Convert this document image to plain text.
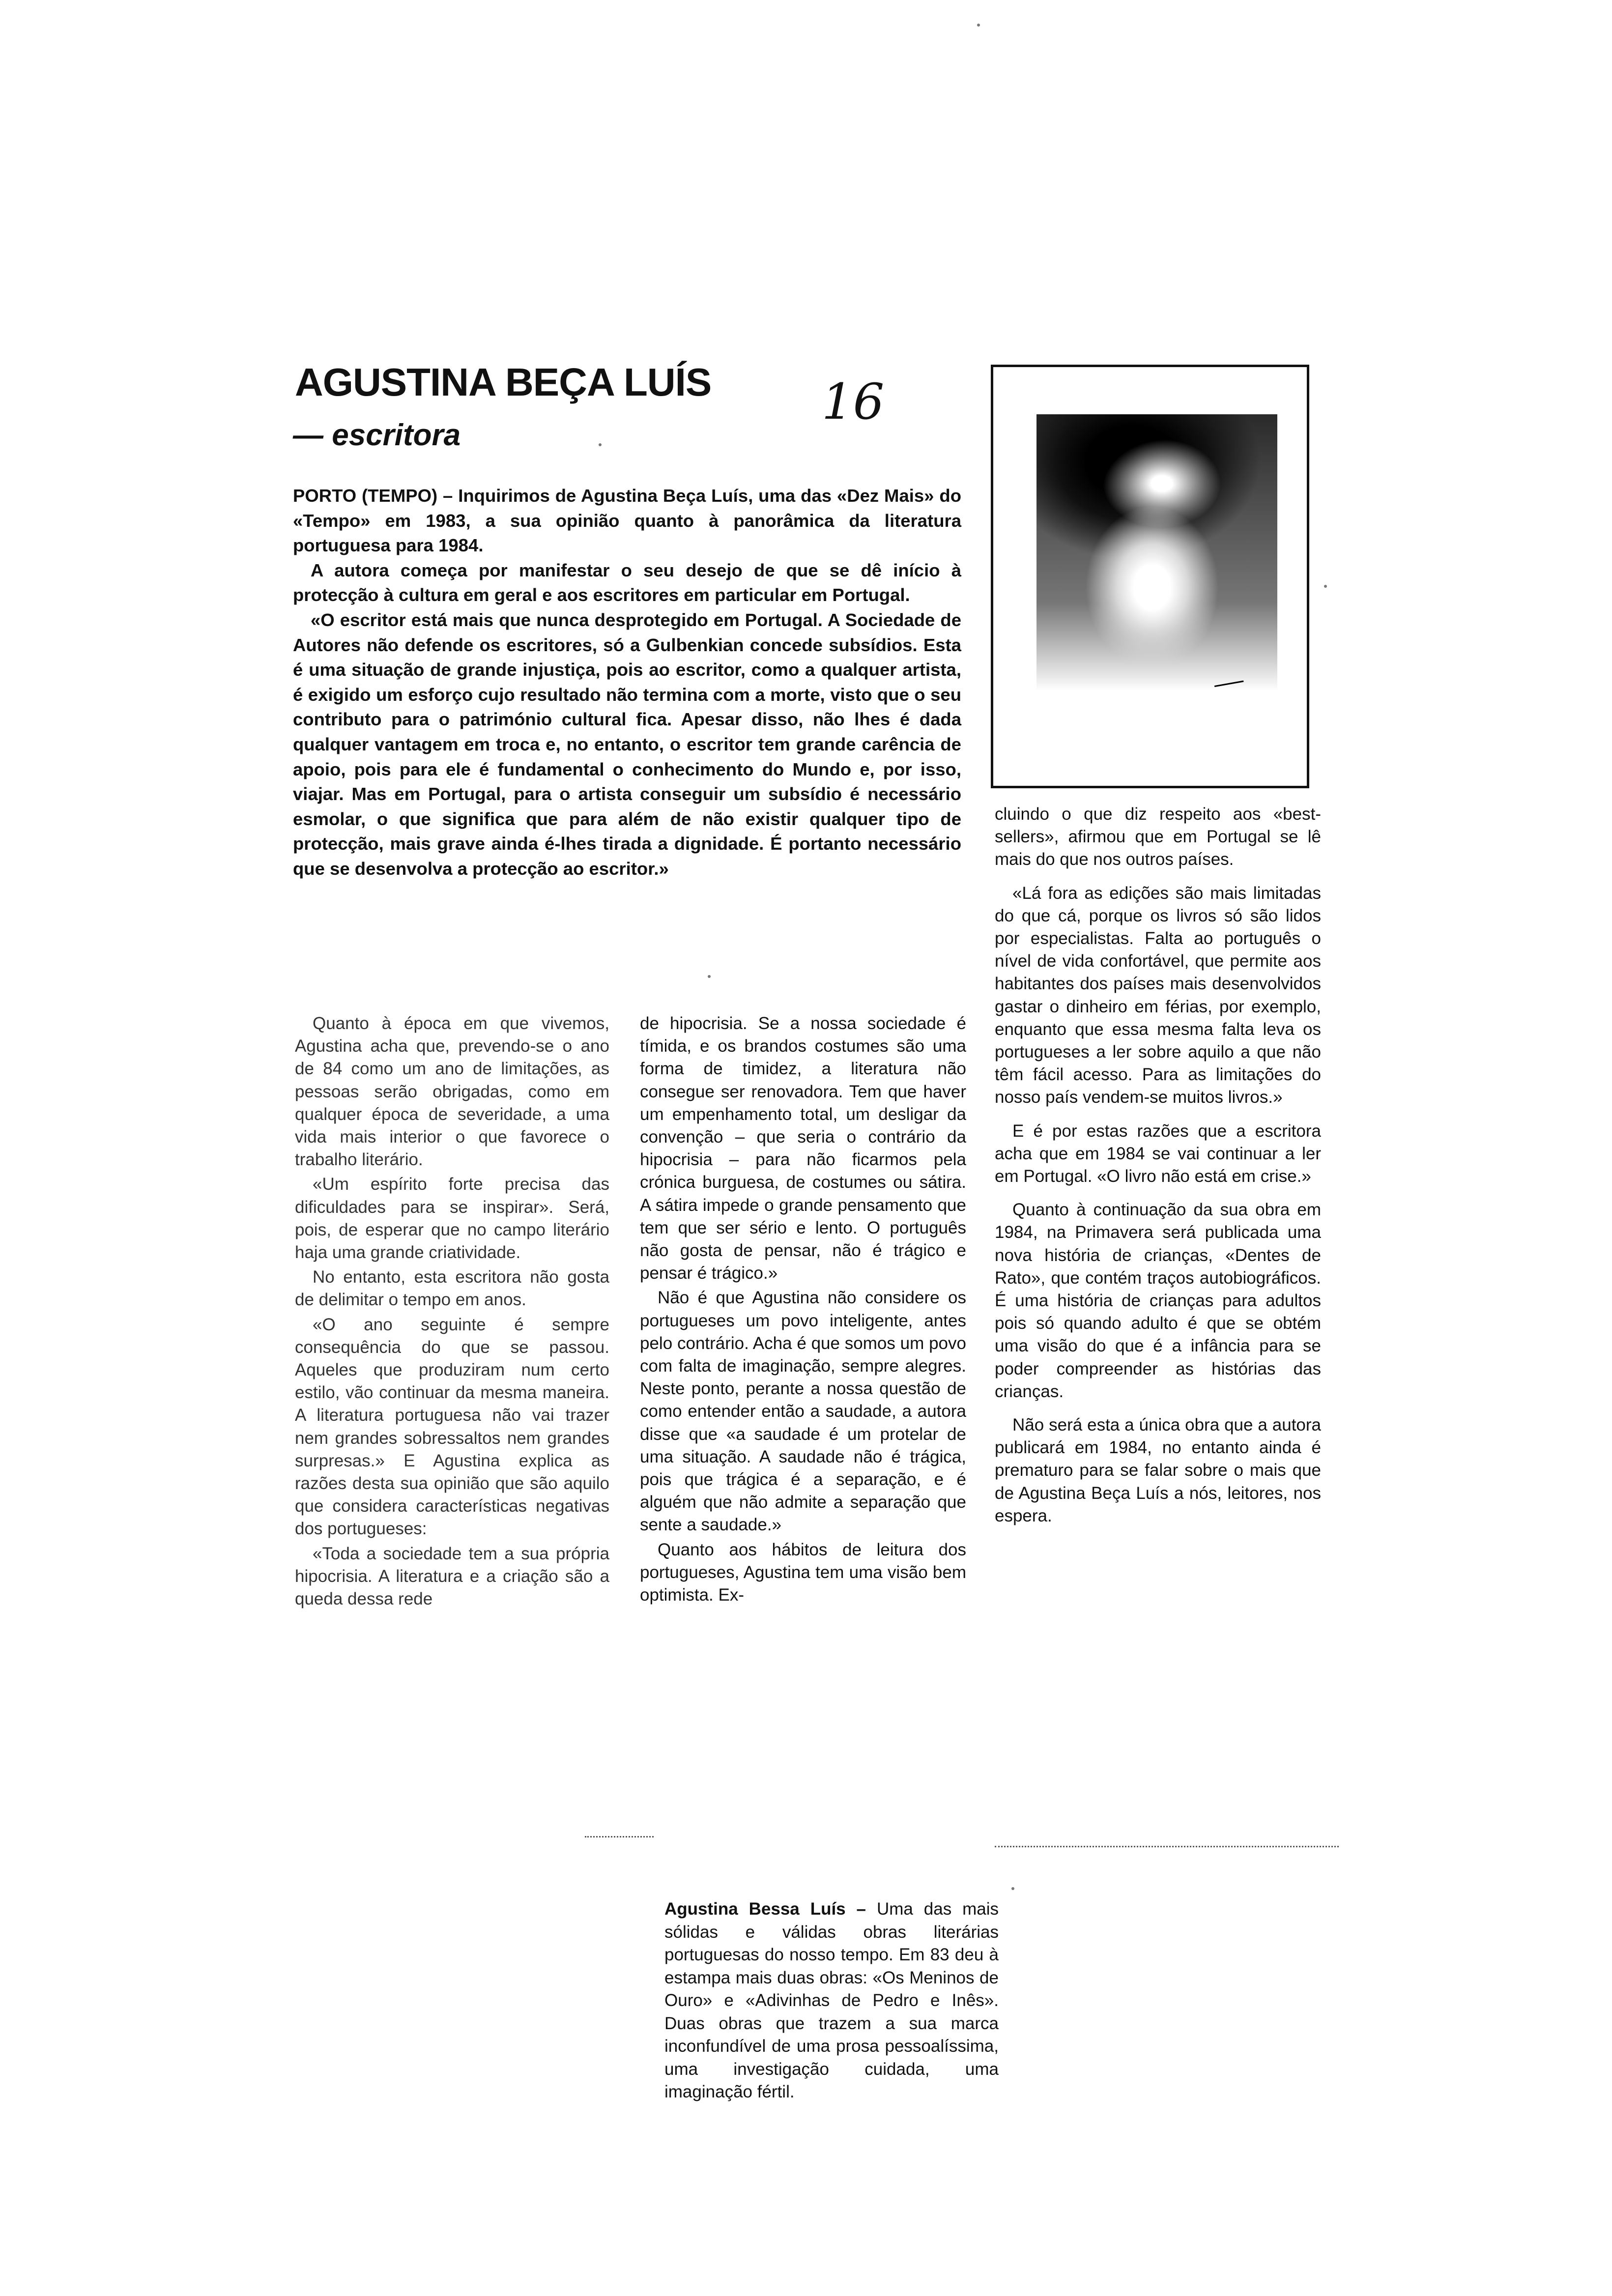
AGUSTINA BEÇA LUÍS
— escritora
16

PORTO (TEMPO) – Inquirimos de Agustina Beça Luís, uma das «Dez Mais» do «Tempo» em 1983, a sua opinião quanto à panorâmica da literatura portuguesa para 1984.

A autora começa por manifestar o seu desejo de que se dê início à protecção à cultura em geral e aos escritores em particular em Portugal.

«O escritor está mais que nunca desprotegido em Portugal. A Sociedade de Autores não defende os escritores, só a Gulbenkian concede subsídios. Esta é uma situação de grande injustiça, pois ao escritor, como a qualquer artista, é exigido um esforço cujo resultado não termina com a morte, visto que o seu contributo para o património cultural fica. Apesar disso, não lhes é dada qualquer vantagem em troca e, no entanto, o escritor tem grande carência de apoio, pois para ele é fundamental o conhecimento do Mundo e, por isso, viajar. Mas em Portugal, para o artista conseguir um subsídio é necessário esmolar, o que significa que para além de não existir qualquer tipo de protecção, mais grave ainda é-lhes tirada a dignidade. É portanto necessário que se desenvolva a protecção ao escritor.»

Quanto à época em que vivemos, Agustina acha que, prevendo-se o ano de 84 como um ano de limitações, as pessoas serão obrigadas, como em qualquer época de severidade, a uma vida mais interior o que favorece o trabalho literário.

«Um espírito forte precisa das dificuldades para se inspirar». Será, pois, de esperar que no campo literário haja uma grande criatividade.

No entanto, esta escritora não gosta de delimitar o tempo em anos.

«O ano seguinte é sempre consequência do que se passou. Aqueles que produziram num certo estilo, vão continuar da mesma maneira. A literatura portuguesa não vai trazer nem grandes sobressaltos nem grandes surpresas.» E Agustina explica as razões desta sua opinião que são aquilo que considera características negativas dos portugueses:

«Toda a sociedade tem a sua própria hipocrisia. A literatura e a criação são a queda dessa rede

de hipocrisia. Se a nossa sociedade é tímida, e os brandos costumes são uma forma de timidez, a literatura não consegue ser renovadora. Tem que haver um empenhamento total, um desligar da convenção – que seria o contrário da hipocrisia – para não ficarmos pela crónica burguesa, de costumes ou sátira. A sátira impede o grande pensamento que tem que ser sério e lento. O português não gosta de pensar, não é trágico e pensar é trágico.»

Não é que Agustina não considere os portugueses um povo inteligente, antes pelo contrário. Acha é que somos um povo com falta de imaginação, sempre alegres. Neste ponto, perante a nossa questão de como entender então a saudade, a autora disse que «a saudade é um protelar de uma situação. A saudade não é trágica, pois que trágica é a separação, e é alguém que não admite a separação que sente a saudade.»

Quanto aos hábitos de leitura dos portugueses, Agustina tem uma visão bem optimista. Ex-

cluindo o que diz respeito aos «best-sellers», afirmou que em Portugal se lê mais do que nos outros países.

«Lá fora as edições são mais limitadas do que cá, porque os livros só são lidos por especialistas. Falta ao português o nível de vida confortável, que permite aos habitantes dos países mais desenvolvidos gastar o dinheiro em férias, por exemplo, enquanto que essa mesma falta leva os portugueses a ler sobre aquilo a que não têm fácil acesso. Para as limitações do nosso país vendem-se muitos livros.»

E é por estas razões que a escritora acha que em 1984 se vai continuar a ler em Portugal. «O livro não está em crise.»

Quanto à continuação da sua obra em 1984, na Primavera será publicada uma nova história de crianças, «Dentes de Rato», que contém traços autobiográficos. É uma história de crianças para adultos pois só quando adulto é que se obtém uma visão do que é a infância para se poder compreender as histórias das crianças.

Não será esta a única obra que a autora publicará em 1984, no entanto ainda é prematuro para se falar sobre o mais que de Agustina Beça Luís a nós, leitores, nos espera.

Agustina Bessa Luís – Uma das mais sólidas e válidas obras literárias portuguesas do nosso tempo. Em 83 deu à estampa mais duas obras: «Os Meninos de Ouro» e «Adivinhas de Pedro e Inês». Duas obras que trazem a sua marca inconfundível de uma prosa pessoalíssima, uma investigação cuidada, uma imaginação fértil.
